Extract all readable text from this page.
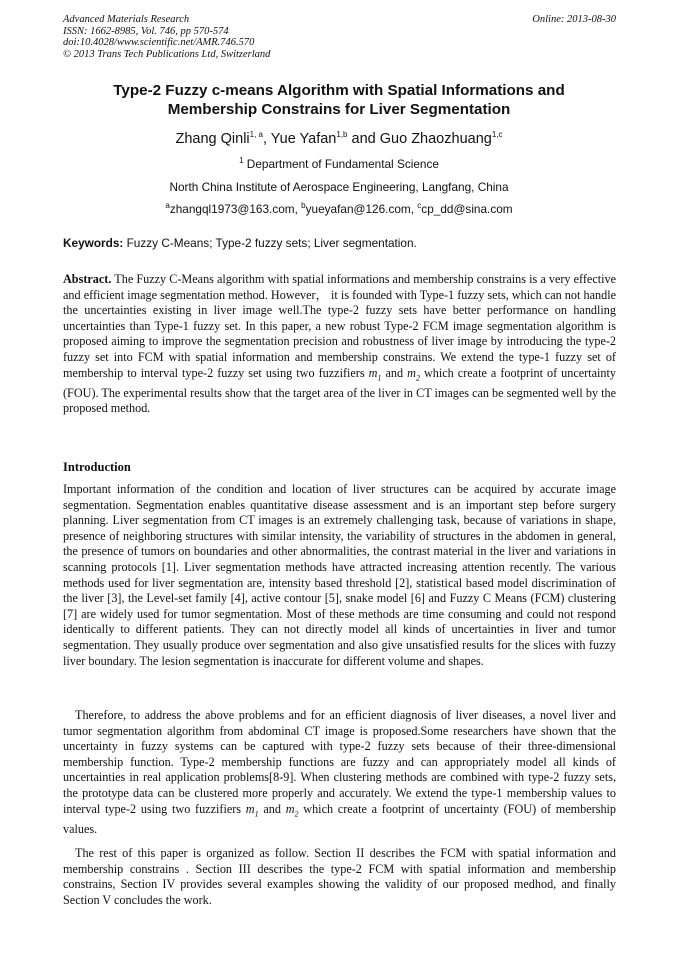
Advanced Materials Research
ISSN: 1662-8985, Vol. 746, pp 570-574
doi:10.4028/www.scientific.net/AMR.746.570
© 2013 Trans Tech Publications Ltd, Switzerland
Online: 2013-08-30
Type-2 Fuzzy c-means Algorithm with Spatial Informations and
Membership Constrains for Liver Segmentation
Zhang Qinli$^{1, a}$, Yue Yafan$^{1,b}$ and Guo Zhaozhuang$^{1,c}$
$^1$ Department of Fundamental Science
North China Institute of Aerospace Engineering, Langfang, China
$^a$zhangql1973@163.com, $^b$yueyafan@126.com, $^c$cp_dd@sina.com
Keywords: Fuzzy C-Means; Type-2 fuzzy sets; Liver segmentation.

Abstract. The Fuzzy C-Means algorithm with spatial informations and membership constrains is a very effective and efficient image segmentation method. However， it is founded with Type-1 fuzzy sets, which can not handle the uncertainties existing in liver image well.The type-2 fuzzy sets have better performance on handling uncertainties than Type-1 fuzzy set. In this paper, a new robust Type-2 FCM image segmentation algorithm is proposed aiming to improve the segmentation precision and robustness of liver image by introducing the type-2 fuzzy set into FCM with spatial information and membership constrains. We extend the type-1 fuzzy set of membership to interval type-2 fuzzy set using two fuzzifiers $m_1$ and $m_2$ which create a footprint of uncertainty (FOU). The experimental results show that the target area of the liver in CT images can be segmented well by the proposed method.

Introduction

Important information of the condition and location of liver structures can be acquired by accurate image segmentation. Segmentation enables quantitative disease assessment and is an important step before surgery planning. Liver segmentation from CT images is an extremely challenging task, because of variations in shape, presence of neighboring structures with similar intensity, the variability of structures in the abdomen in general, the presence of tumors on boundaries and other abnormalities, the contrast material in the liver and variations in scanning protocols [1]. Liver segmentation methods have attracted increasing attention recently. The various methods used for liver segmentation are, intensity based threshold [2], statistical based model discrimination of the liver [3], the Level-set family [4], active contour [5], snake model [6] and Fuzzy C Means (FCM) clustering [7] are widely used for tumor segmentation. Most of these methods are time consuming and could not respond identically to different patients. They can not directly model all kinds of uncertainties in liver and tumor segmentation. They usually produce over segmentation and also give unsatisfied results for the slices with fuzzy liver boundary. The lesion segmentation is inaccurate for different volume and shapes.

Therefore, to address the above problems and for an efficient diagnosis of liver diseases, a novel liver and tumor segmentation algorithm from abdominal CT image is proposed.Some researchers have shown that the uncertainty in fuzzy systems can be captured with type-2 fuzzy sets because of their three-dimensional membership function. Type-2 membership functions are fuzzy and can appropriately model all kinds of uncertainties in real application problems[8-9]. When clustering methods are combined with type-2 fuzzy sets, the prototype data can be clustered more properly and accurately. We extend the type-1 membership values to interval type-2 using two fuzzifiers $m_1$ and $m_2$ which create a footprint of uncertainty (FOU) of membership values.

The rest of this paper is organized as follow. Section II describes the FCM with spatial information and membership constrains . Section III describes the type-2 FCM with spatial information and membership constrains, Section IV provides several examples showing the validity of our proposed medhod, and finally Section V concludes the work.
